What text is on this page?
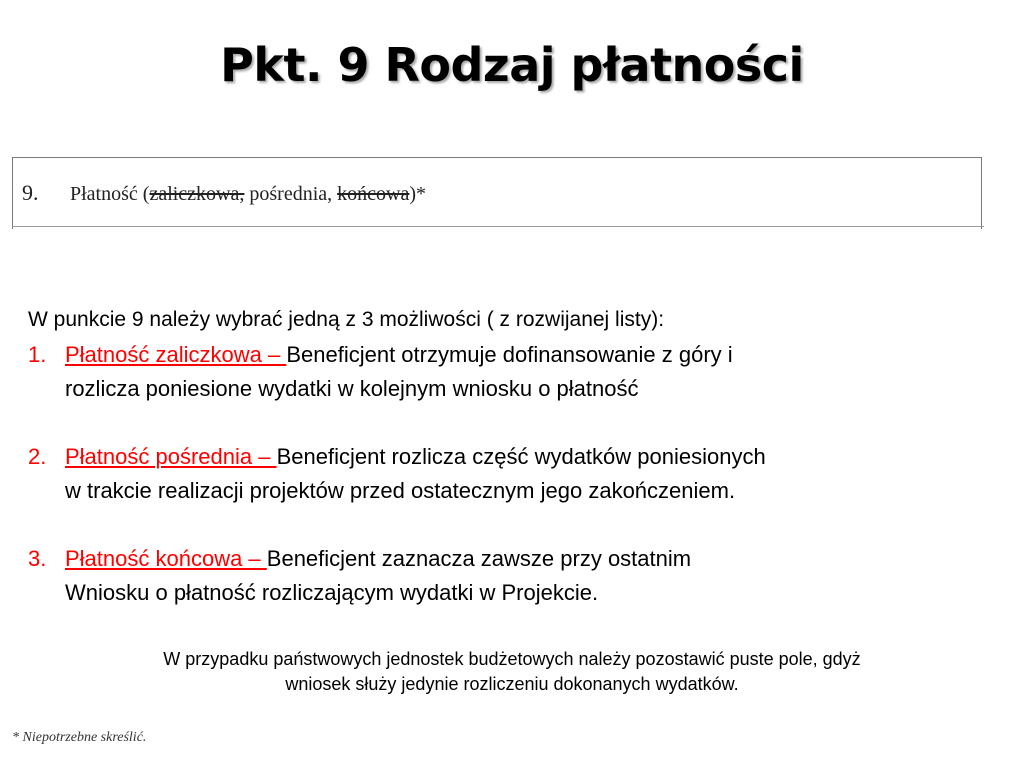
Pkt. 9 Rodzaj płatności
9. Płatność (zaliczkowa, pośrednia, końcowa)*
W punkcie 9 należy wybrać jedną z 3 możliwości ( z rozwijanej listy):
1. Płatność zaliczkowa – Beneficjent otrzymuje dofinansowanie z góry i
rozlicza poniesione wydatki w kolejnym wniosku o płatność
2. Płatność pośrednia – Beneficjent rozlicza część wydatków poniesionych
w trakcie realizacji projektów przed ostatecznym jego zakończeniem.
3. Płatność końcowa – Beneficjent zaznacza zawsze przy ostatnim
Wniosku o płatność rozliczającym wydatki w Projekcie.
W przypadku państwowych jednostek budżetowych należy pozostawić puste pole, gdyż
wniosek służy jedynie rozliczeniu dokonanych wydatków.
* Niepotrzebne skreślić.
